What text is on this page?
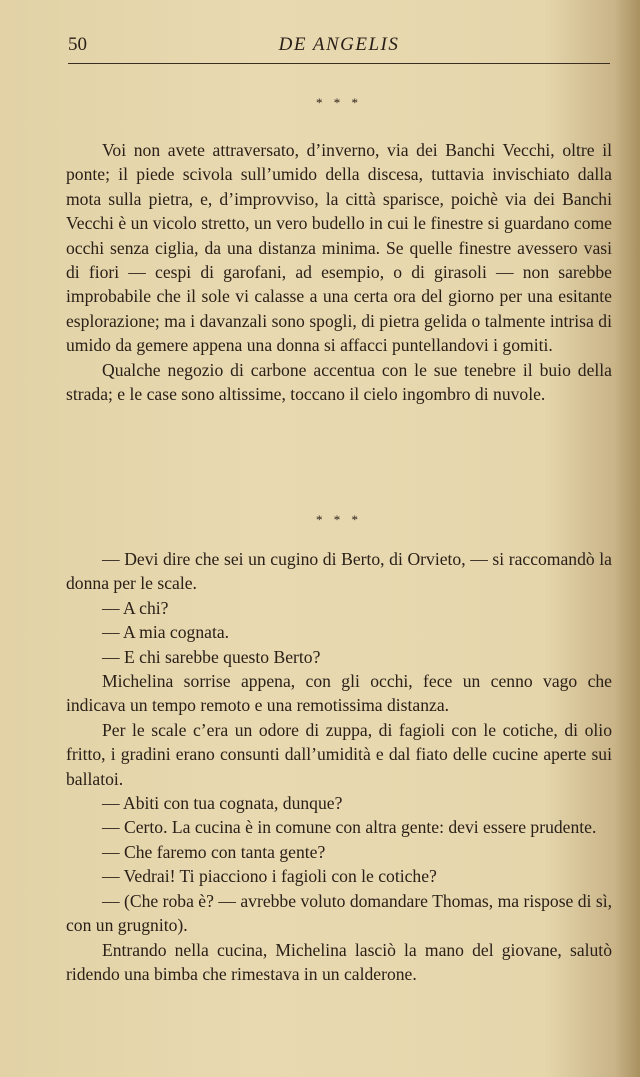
50	DE ANGELIS
* * *

Voi non avete attraversato, d’inverno, via dei Banchi Vecchi, oltre il ponte; il piede scivola sull’umido della discesa, tuttavia invischiato dalla mota sulla pietra, e, d’improvviso, la città sparisce, poichè via dei Banchi Vecchi è un vicolo stretto, un vero budello in cui le finestre si guardano come occhi senza ciglia, da una distanza minima. Se quelle finestre avessero vasi di fiori — cespi di garofani, ad esempio, o di girasoli — non sarebbe improbabile che il sole vi calasse a una certa ora del giorno per una esitante esplorazione; ma i davanzali sono spogli, di pietra gelida o talmente intrisa di umido da gemere appena una donna si affacci puntellandovi i gomiti.

Qualche negozio di carbone accentua con le sue tenebre il buio della strada; e le case sono altissime, toccano il cielo ingombro di nuvole.

* * *

— Devi dire che sei un cugino di Berto, di Orvieto, — si raccomandò la donna per le scale.

— A chi?

— A mia cognata.

— E chi sarebbe questo Berto?

Michelina sorrise appena, con gli occhi, fece un cenno vago che indicava un tempo remoto e una remotissima distanza.

Per le scale c’era un odore di zuppa, di fagioli con le cotiche, di olio fritto, i gradini erano consunti dall’umidità e dal fiato delle cucine aperte sui ballatoi.

— Abiti con tua cognata, dunque?

— Certo. La cucina è in comune con altra gente: devi essere prudente.

— Che faremo con tanta gente?

— Vedrai! Ti piacciono i fagioli con le cotiche?

— (Che roba è? — avrebbe voluto domandare Thomas, ma rispose di sì, con un grugnito).

Entrando nella cucina, Michelina lasciò la mano del giovane, salutò ridendo una bimba che rimestava in un calderone.
